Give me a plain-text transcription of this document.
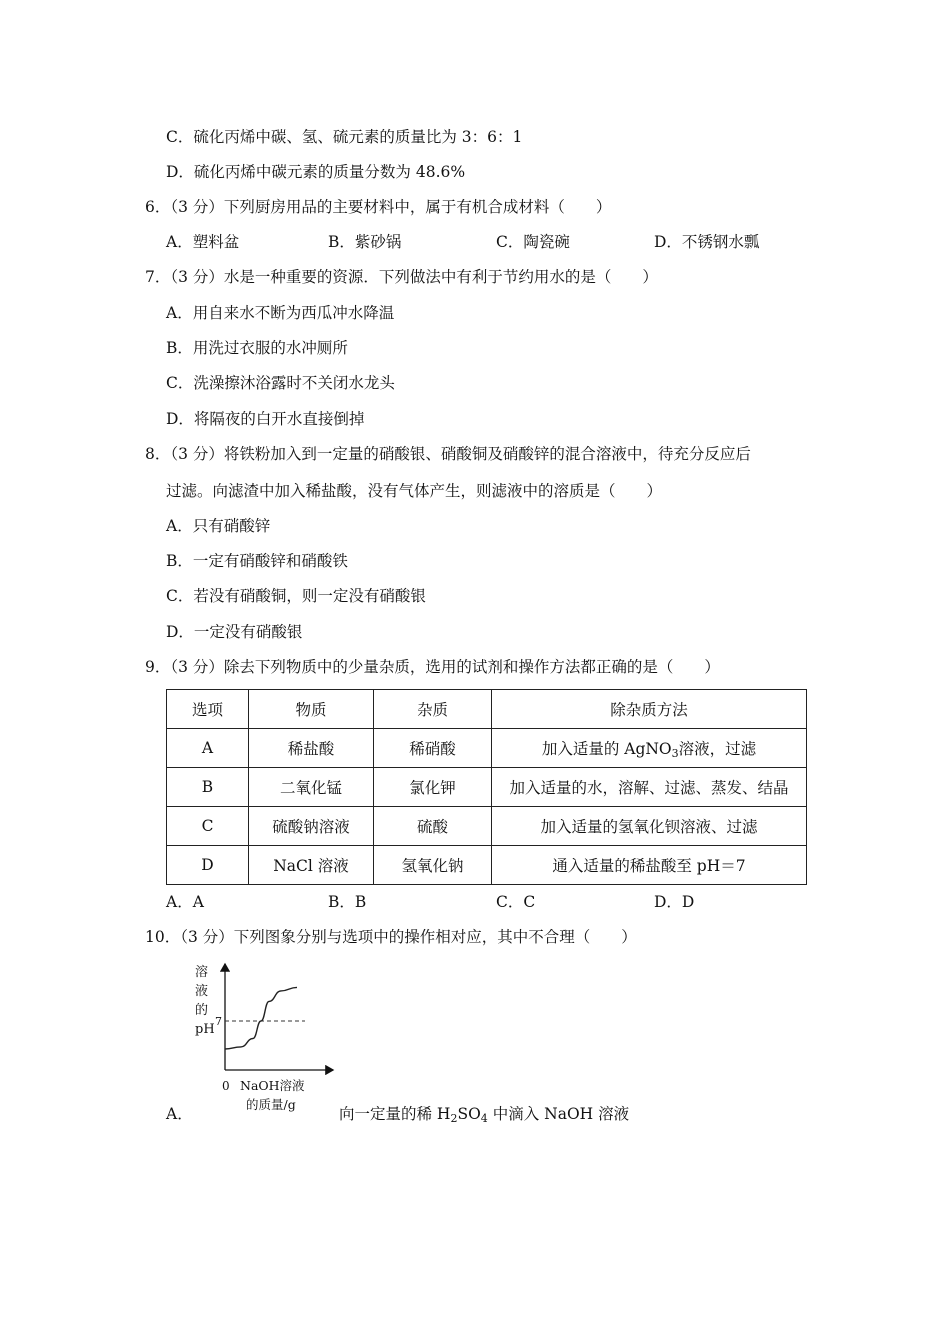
C．硫化丙烯中碳、氢、硫元素的质量比为 3：6：1
D．硫化丙烯中碳元素的质量分数为 48.6%
6．（3 分）下列厨房用品的主要材料中，属于有机合成材料（　　）
A．塑料盆	B．紫砂锅	C．陶瓷碗	D．不锈钢水瓢
7．（3 分）水是一种重要的资源．下列做法中有利于节约用水的是（　　）
A．用自来水不断为西瓜冲水降温
B．用洗过衣服的水冲厕所
C．洗澡擦沐浴露时不关闭水龙头
D．将隔夜的白开水直接倒掉
8．（3 分）将铁粉加入到一定量的硝酸银、硝酸铜及硝酸锌的混合溶液中，待充分反应后
过滤。向滤渣中加入稀盐酸，没有气体产生，则滤液中的溶质是（　　）
A．只有硝酸锌
B．一定有硝酸锌和硝酸铁
C．若没有硝酸铜，则一定没有硝酸银
D．一定没有硝酸银
9．（3 分）除去下列物质中的少量杂质，选用的试剂和操作方法都正确的是（　　）
选项	物质	杂质	除杂质方法
A	稀盐酸	稀硝酸	加入适量的 AgNO$_3$溶液，过滤
B	二氧化锰	氯化钾	加入适量的水，溶解、过滤、蒸发、结晶
C	硫酸钠溶液	硫酸	加入适量的氢氧化钡溶液、过滤
D	NaCl 溶液	氢氧化钠	通入适量的稀盐酸至 pH＝7
A．A	B．B	C．C	D．D
10．（3 分）下列图象分别与选项中的操作相对应，其中不合理（　　）
7
0
溶
液
的
pH
NaOH溶液
的质量/g
A．	向一定量的稀 $H_2SO_4$ 中滴入 NaOH 溶液
